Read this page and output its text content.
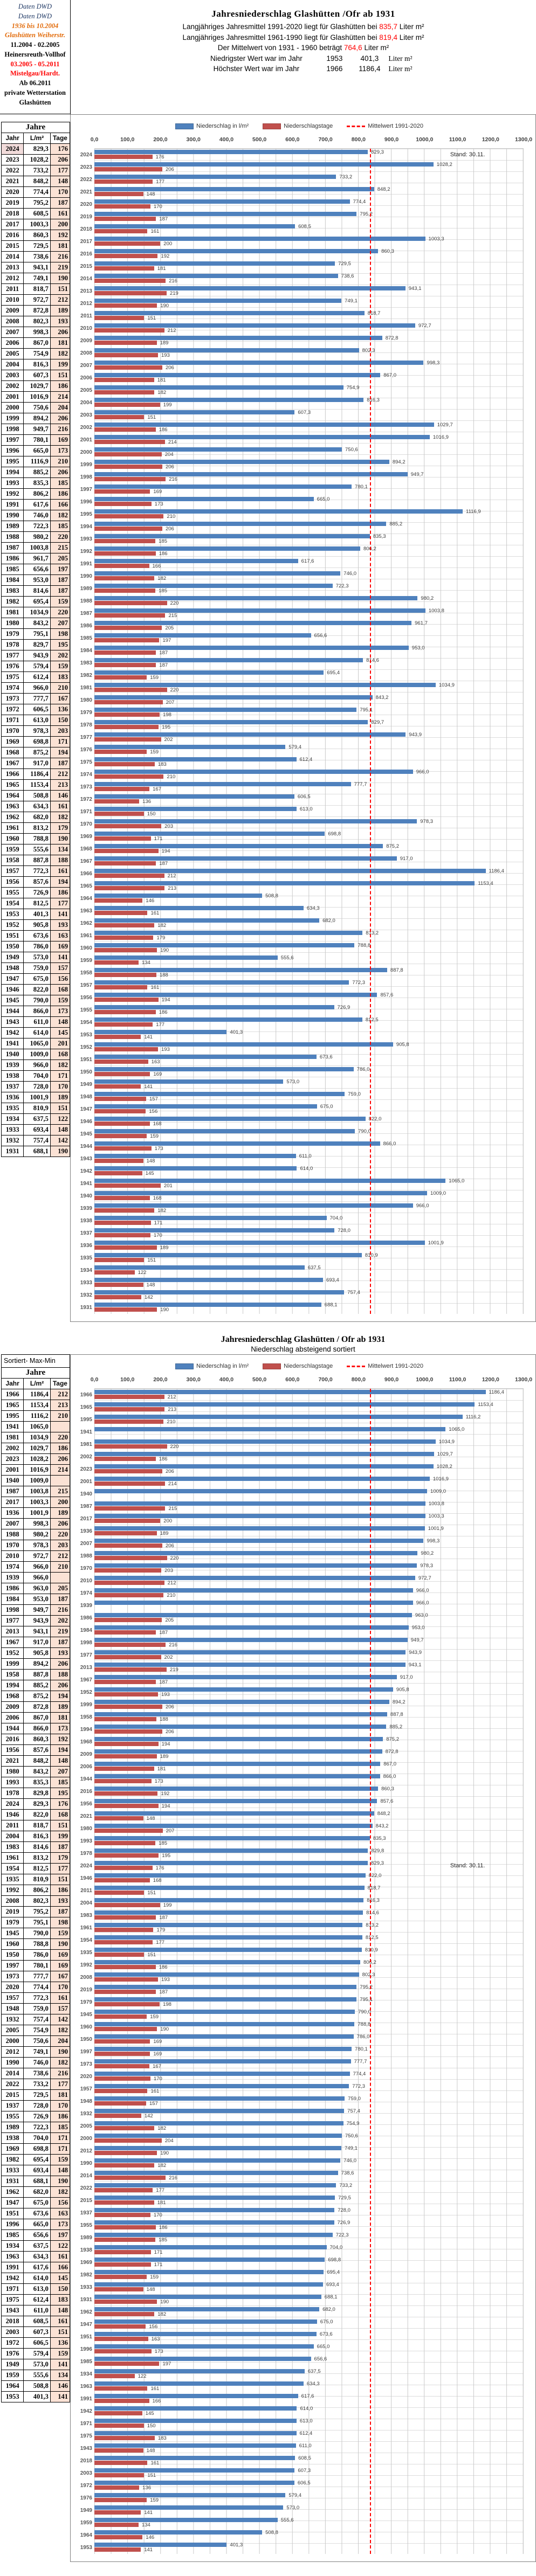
Daten DWD
Daten DWD
1936 bis 10.2004
Glashütten Weiherstr.
11.2004 - 02.2005
Heinersreuth-Vollhof
03.2005 - 05.2011
Mistelgau/Hardt.
Ab 06.2011
private Wetterstation
Glashütten
Jahresniederschlag Glashütten /Ofr ab 1931
Langjähriges Jahresmittel 1991-2020 liegt für Glashütten bei 835,7 Liter m²
Langjähriges Jahresmittel 1961-1990 liegt für Glashütten bei 819,4 Liter m²
Der Mittelwert von 1931 - 1960 beträgt 764,6 Liter m²
Niedrigster Wert war im Jahr	1953 401,3 Liter m²
Höchster Wert war im Jahr	1966 1186,4 Liter m²
Jahre		
Jahr	L/m²	Tage
2024	829,3	176
2023	1028,2	206
2022	733,2	177
2021	848,2	148
2020	774,4	170
2019	795,2	187
2018	608,5	161
2017	1003,3	200
2016	860,3	192
2015	729,5	181
2014	738,6	216
2013	943,1	219
2012	749,1	190
2011	818,7	151
2010	972,7	212
2009	872,8	189
2008	802,3	193
2007	998,3	206
2006	867,0	181
2005	754,9	182
2004	816,3	199
2003	607,3	151
2002	1029,7	186
2001	1016,9	214
2000	750,6	204
1999	894,2	206
1998	949,7	216
1997	780,1	169
1996	665,0	173
1995	1116,9	210
1994	885,2	206
1993	835,3	185
1992	806,2	186
1991	617,6	166
1990	746,0	182
1989	722,3	185
1988	980,2	220
1987	1003,8	215
1986	961,7	205
1985	656,6	197
1984	953,0	187
1983	814,6	187
1982	695,4	159
1981	1034,9	220
1980	843,2	207
1979	795,1	198
1978	829,7	195
1977	943,9	202
1976	579,4	159
1975	612,4	183
1974	966,0	210
1973	777,7	167
1972	606,5	136
1971	613,0	150
1970	978,3	203
1969	698,8	171
1968	875,2	194
1967	917,0	187
1966	1186,4	212
1965	1153,4	213
1964	508,8	146
1963	634,3	161
1962	682,0	182
1961	813,2	179
1960	788,8	190
1959	555,6	134
1958	887,8	188
1957	772,3	161
1956	857,6	194
1955	726,9	186
1954	812,5	177
1953	401,3	141
1952	905,8	193
1951	673,6	163
1950	786,0	169
1949	573,0	141
1948	759,0	157
1947	675,0	156
1946	822,0	168
1945	790,0	159
1944	866,0	173
1943	611,0	148
1942	614,0	145
1941	1065,0	201
1940	1009,0	168
1939	966,0	182
1938	704,0	171
1937	728,0	170
1936	1001,9	189
1935	810,9	151
1934	637,5	122
1933	693,4	148
1932	757,4	142
1931	688,1	190
Niederschlag in l/m²	Niederschlagstage	Mittelwert 1991-2020
0,0	100,0	200,0	300,0	400,0	500,0	600,0	700,0	800,0	900,0	1000,0	1100,0	1200,0	1300,0
2024	829,3
176	Stand: 30.11.
2023	1028,2
206
2022	733,2
177
2021	848,2
148
2020	774,4
170
2019	795,2
187
2018	608,5
161
2017	1003,3
200
2016	860,3
192
2015	729,5
181
2014	738,6
216
2013	943,1
219
2012	749,1
190
2011	818,7
151
2010	972,7
212
2009	872,8
189
2008	802,3
193
2007	998,3
206
2006	867,0
181
2005	754,9
182
2004	816,3
199
2003	607,3
151
2002	1029,7
186
2001	1016,9
214
2000	750,6
204
1999	894,2
206
1998	949,7
216
1997	780,1
169
1996	665,0
173
1995	1116,9
210
1994	885,2
206
1993	835,3
185
1992	806,2
186
1991	617,6
166
1990	746,0
182
1989	722,3
185
1988	980,2
220
1987	1003,8
215
1986	961,7
205
1985	656,6
197
1984	953,0
187
1983	814,6
187
1982	695,4
159
1981	1034,9
220
1980	843,2
207
1979	795,1
198
1978	829,7
195
1977	943,9
202
1976	579,4
159
1975	612,4
183
1974	966,0
210
1973	777,7
167
1972	606,5
136
1971	613,0
150
1970	978,3
203
1969	698,8
171
1968	875,2
194
1967	917,0
187
1966	1186,4
212
1965	1153,4
213
1964	508,8
146
1963	634,3
161
1962	682,0
182
1961	813,2
179
1960	788,8
190
1959	555,6
134
1958	887,8
188
1957	772,3
161
1956	857,6
194
1955	726,9
186
1954	812,5
177
1953	401,3
141
1952	905,8
193
1951	673,6
163
1950	786,0
169
1949	573,0
141
1948	759,0
157
1947	675,0
156
1946	822,0
168
1945	790,0
159
1944	866,0
173
1943	611,0
148
1942	614,0
145
1941	1065,0
201
1940	1009,0
168
1939	966,0
182
1938	704,0
171
1937	728,0
170
1936	1001,9
189
1935	810,9
151
1934	637,5
122
1933	693,4
148
1932	757,4
142
1931	688,1
190
Jahresniederschlag Glashütten / Ofr ab 1931
Niederschlag absteigend sortiert
Sortiert- Max-Min
Jahre		
Jahr	L/m²	Tage
1966	1186,4	212
1965	1153,4	213
1995	1116,2	210
1941	1065,0	
1981	1034,9	220
2002	1029,7	186
2023	1028,2	206
2001	1016,9	214
1940	1009,0	
1987	1003,8	215
2017	1003,3	200
1936	1001,9	189
2007	998,3	206
1988	980,2	220
1970	978,3	203
2010	972,7	212
1974	966,0	210
1939	966,0	
1986	963,0	205
1984	953,0	187
1998	949,7	216
1977	943,9	202
2013	943,1	219
1967	917,0	187
1952	905,8	193
1999	894,2	206
1958	887,8	188
1994	885,2	206
1968	875,2	194
2009	872,8	189
2006	867,0	181
1944	866,0	173
2016	860,3	192
1956	857,6	194
2021	848,2	148
1980	843,2	207
1993	835,3	185
1978	829,8	195
2024	829,3	176
1946	822,0	168
2011	818,7	151
2004	816,3	199
1983	814,6	187
1961	813,2	179
1954	812,5	177
1935	810,9	151
1992	806,2	186
2008	802,3	193
2019	795,2	187
1979	795,1	198
1945	790,0	159
1960	788,8	190
1950	786,0	169
1997	780,1	169
1973	777,7	167
2020	774,4	170
1957	772,3	161
1948	759,0	157
1932	757,4	142
2005	754,9	182
2000	750,6	204
2012	749,1	190
1990	746,0	182
2014	738,6	216
2022	733,2	177
2015	729,5	181
1937	728,0	170
1955	726,9	186
1989	722,3	185
1938	704,0	171
1969	698,8	171
1982	695,4	159
1933	693,4	148
1931	688,1	190
1962	682,0	182
1947	675,0	156
1951	673,6	163
1996	665,0	173
1985	656,6	197
1934	637,5	122
1963	634,3	161
1991	617,6	166
1942	614,0	145
1971	613,0	150
1975	612,4	183
1943	611,0	148
2018	608,5	161
2003	607,3	151
1972	606,5	136
1976	579,4	159
1949	573,0	141
1959	555,6	134
1964	508,8	146
1953	401,3	141
Niederschlag in l/m²	Niederschlagstage	Mittelwert 1991-2020
0,0	100,0	200,0	300,0	400,0	500,0	600,0	700,0	800,0	900,0	1000,0	1100,0	1200,0	1300,0
1966	1186,4
212
1965	1153,4
213
1995	1116,2
210
1941	1065,0
1981	1034,9
220
2002	1029,7
186
2023	1028,2
206
2001	1016,9
214
1940	1009,0
1987	1003,8
215
2017	1003,3
200
1936	1001,9
189
2007	998,3
206
1988	980,2
220
1970	978,3
203
2010	972,7
212
1974	966,0
210
1939	966,0
1986	963,0
205
1984	953,0
187
1998	949,7
216
1977	943,9
202
2013	943,1
219
1967	917,0
187
1952	905,8
193
1999	894,2
206
1958	887,8
188
1994	885,2
206
1968	875,2
194
2009	872,8
189
2006	867,0
181
1944	866,0
173
2016	860,3
192
1956	857,6
194
2021	848,2
148
1980	843,2
207
1993	835,3
185
1978	829,8
195
2024	829,3
176	Stand: 30.11.
1946	822,0
168
2011	818,7
151
2004	816,3
199
1983	814,6
187
1961	813,2
179
1954	812,5
177
1935	810,9
151
1992	806,2
186
2008	802,3
193
2019	795,2
187
1979	795,1
198
1945	790,0
159
1960	788,8
190
1950	786,0
169
1997	780,1
169
1973	777,7
167
2020	774,4
170
1957	772,3
161
1948	759,0
157
1932	757,4
142
2005	754,9
182
2000	750,6
204
2012	749,1
190
1990	746,0
182
2014	738,6
216
2022	733,2
177
2015	729,5
181
1937	728,0
170
1955	726,9
186
1989	722,3
185
1938	704,0
171
1969	698,8
171
1982	695,4
159
1933	693,4
148
1931	688,1
190
1962	682,0
182
1947	675,0
156
1951	673,6
163
1996	665,0
173
1985	656,6
197
1934	637,5
122
1963	634,3
161
1991	617,6
166
1942	614,0
145
1971	613,0
150
1975	612,4
183
1943	611,0
148
2018	608,5
161
2003	607,3
151
1972	606,5
136
1976	579,4
159
1949	573,0
141
1959	555,6
134
1964	508,8
146
1953	401,3
141
